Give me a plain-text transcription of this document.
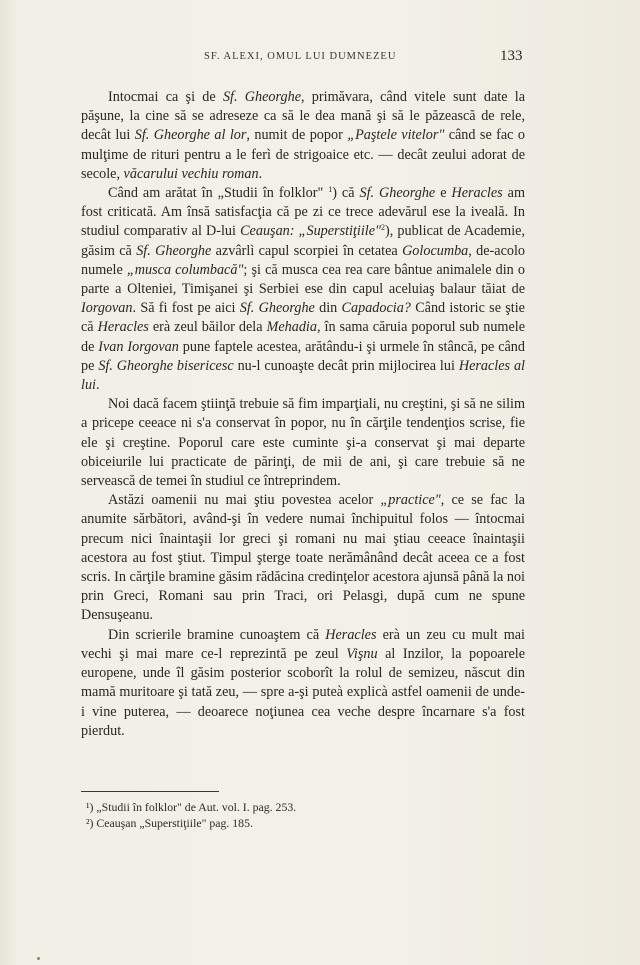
SF. ALEXI, OMUL LUI DUMNEZEU	133

Intocmai ca şi de Sf. Gheorghe, primăvara, când vitele sunt date la păşune, la cine să se adreseze ca să le dea mană şi să le păzească de rele, decât lui Sf. Gheorghe al lor, numit de popor „Paştele vitelor" când se fac o mulţime de rituri pentru a le ferì de strigoaice etc. — decât zeului adorat de secole, văcarului vechiu roman.

Când am arătat în „Studii în folklor" $^1$) că Sf. Gheorghe e Heracles am fost criticată. Am însă satisfacţia că pe zi ce trece adevărul ese la iveală. In studiul comparativ al D-lui Ceauşan: „Superstiţiile"$^2$), publicat de Academie, găsim că Sf. Gheorghe azvârlì capul scorpiei în cetatea Golocumba, de-acolo numele „musca columbacă"; şi că musca cea rea care bântue animalele din o parte a Olteniei, Timişanei şi Serbiei ese din capul aceluiaş balaur tăiat de Iorgovan. Să fi fost pe aici Sf. Gheorghe din Capadocia? Când istoric se ştie că Heracles erà zeul băilor dela Mehadia, în sama căruia poporul sub numele de Ivan Iorgovan pune faptele acestea, arătându-i şi urmele în stâncă, pe când pe Sf. Gheorghe bisericesc nu-l cunoaşte decât prin mijlocirea lui Heracles al lui.

Noi dacă facem ştiinţă trebuie să fim imparţiali, nu creştini, şi să ne silim a pricepe ceeace ni s'a conservat în popor, nu în cărţile tendenţios scrise, fie ele şi creştine. Poporul care este cuminte şi-a conservat şi mai departe obiceiurile lui practicate de părinţi, de mii de ani, şi care trebuie să ne servească de temei în studiul ce întreprindem.

Astăzi oamenii nu mai ştiu povestea acelor „practice", ce se fac la anumite sărbători, având-şi în vedere numai închipuitul folos — întocmai precum nici înaintaşii lor greci şi romani nu mai ştiau ceeace înaintaşii acestora au fost ştiut. Timpul şterge toate nerămânând decât aceea ce a fost scris. In cărţile bramine găsim rădăcina credinţelor acestora ajunsă până la noi prin Greci, Romani sau prin Traci, ori Pelasgi, după cum ne spune Densuşeanu.

Din scrierile bramine cunoaştem că Heracles erà un zeu cu mult mai vechi şi mai mare ce-l reprezintă pe zeul Vişnu al Inzilor, la popoarele europene, unde îl găsim posterior scoborît la rolul de semizeu, născut din mamă muritoare şi tată zeu, — spre a-şi puteà explicà astfel oamenii de unde-i vine puterea, — deoarece noţiunea cea veche despre încarnare s'a fost pierdut.

¹) „Studii în folklor" de Aut. vol. I. pag. 253.
²) Ceauşan „Superstiţiile" pag. 185.
